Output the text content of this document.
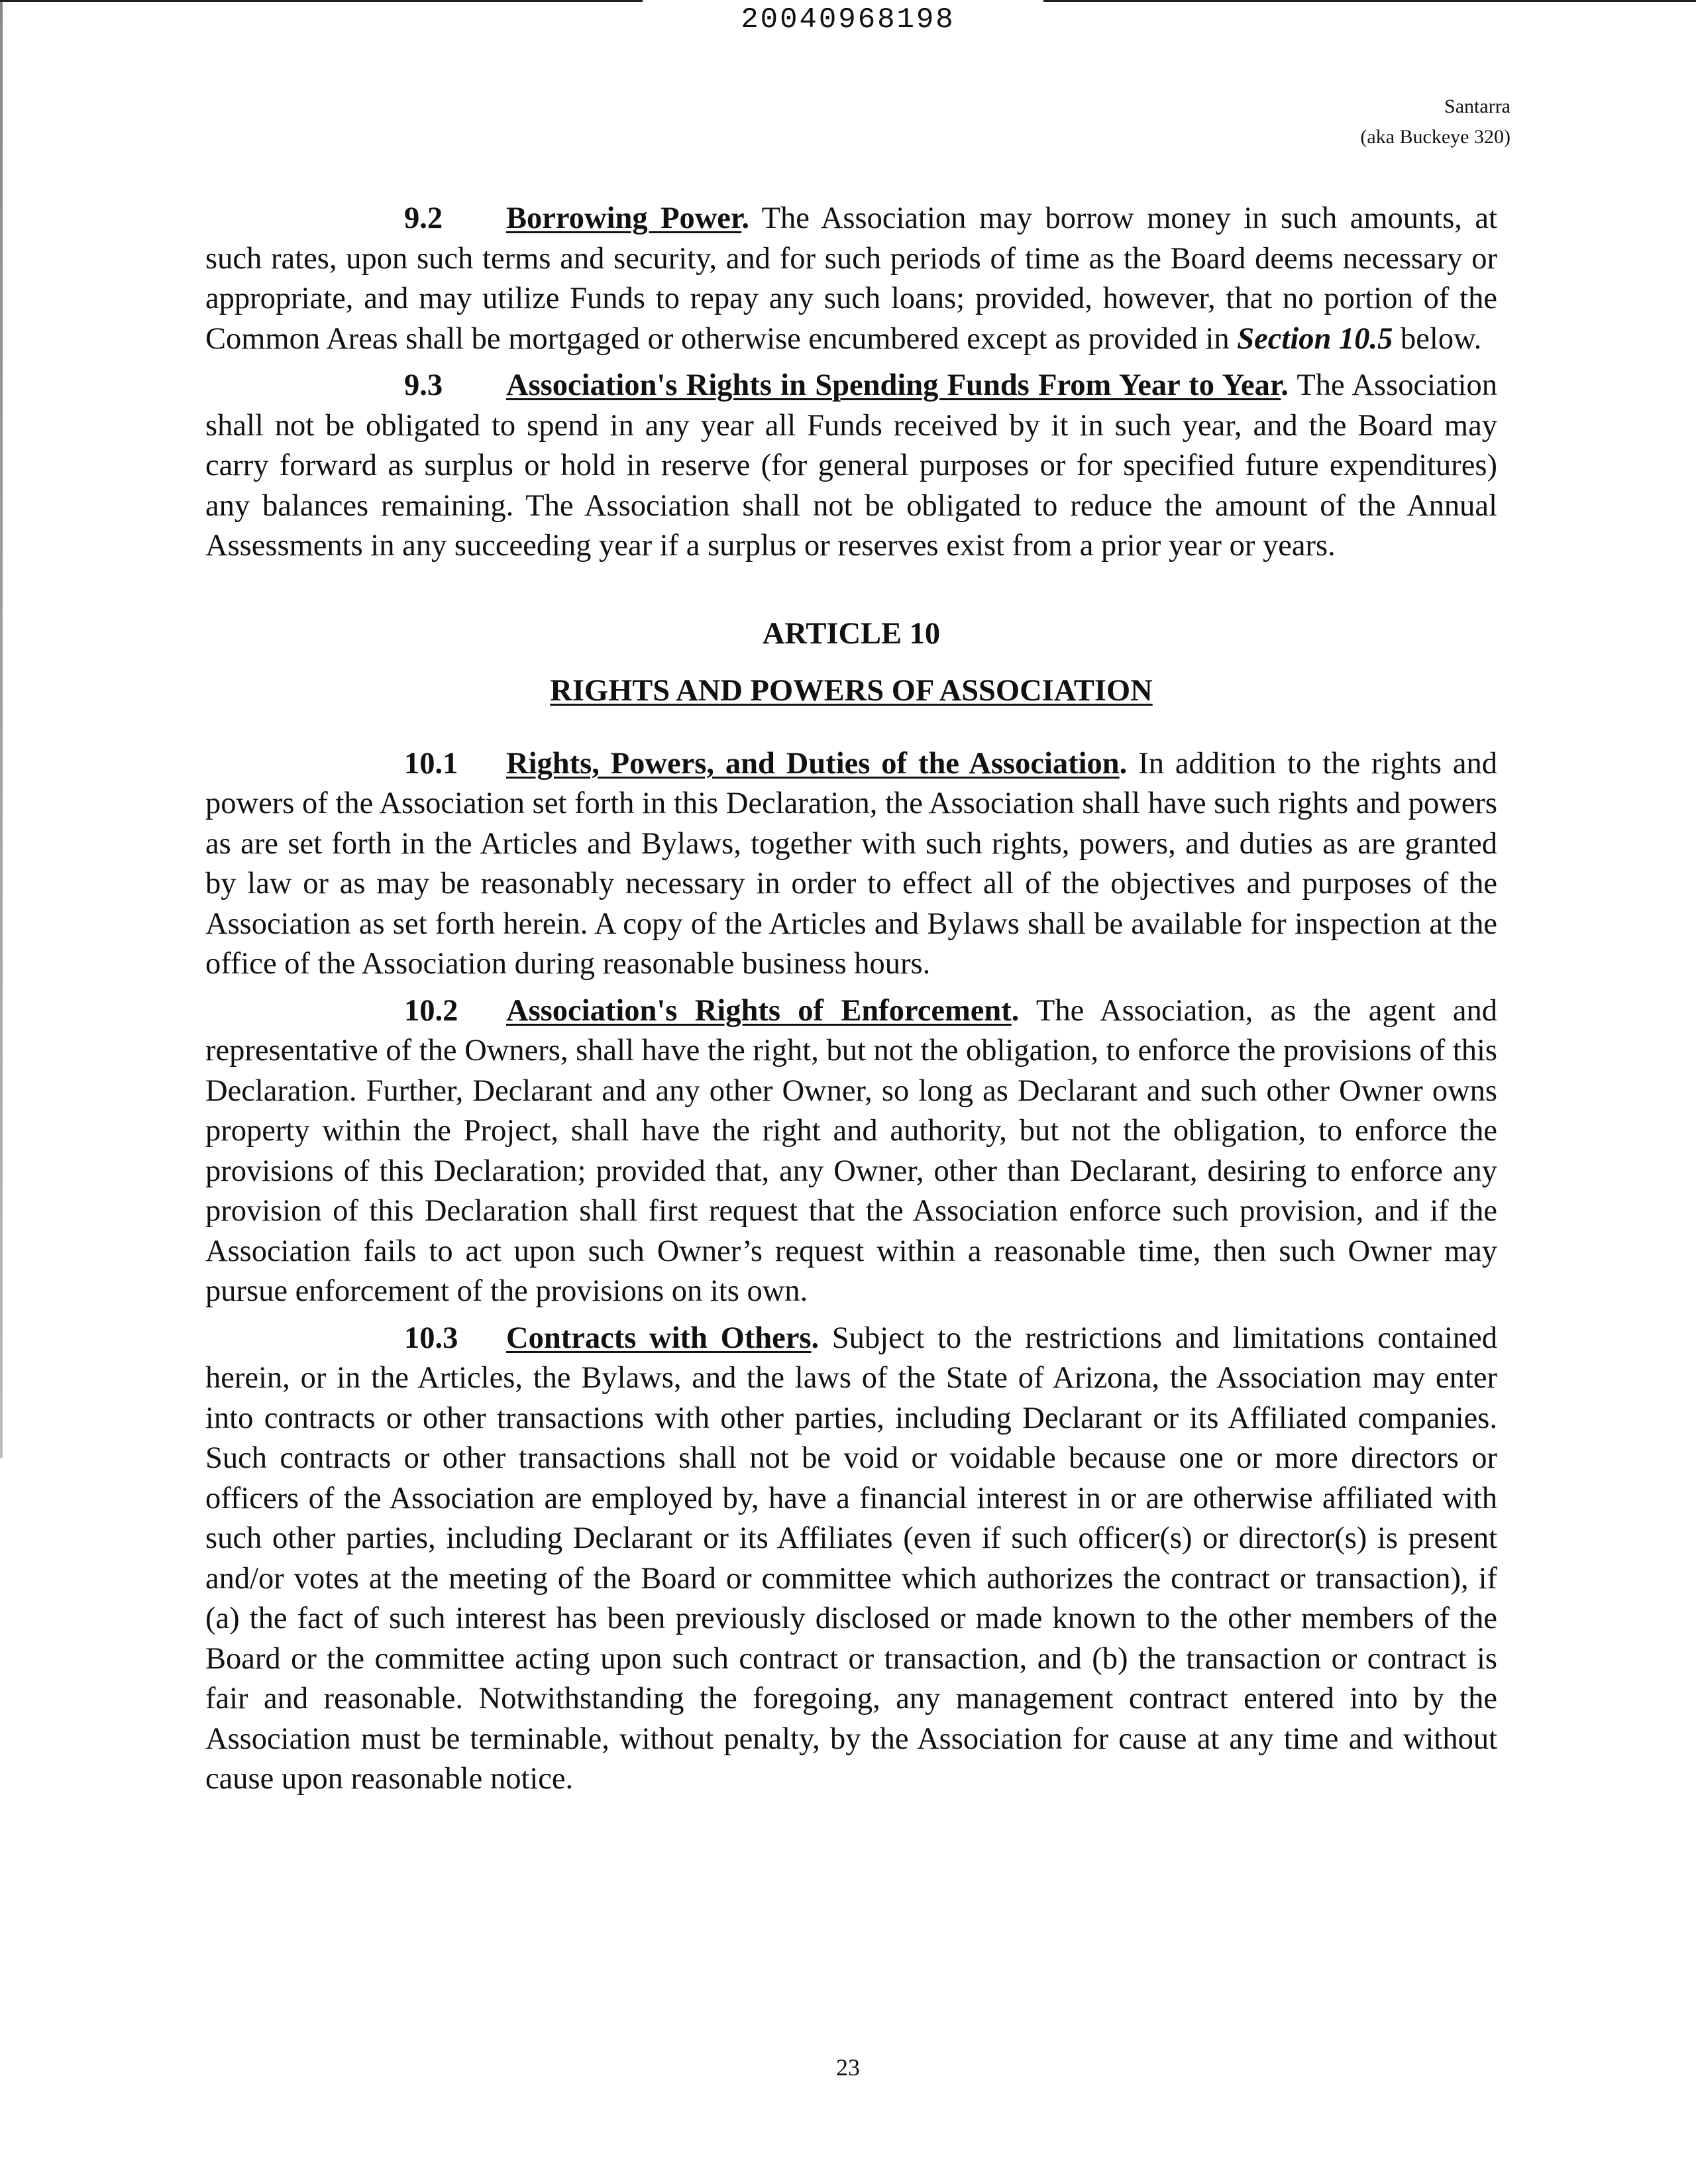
20040968198
Santarra
(aka Buckeye 320)

9.2 Borrowing Power. The Association may borrow money in such amounts, at such rates, upon such terms and security, and for such periods of time as the Board deems necessary or appropriate, and may utilize Funds to repay any such loans; provided, however, that no portion of the Common Areas shall be mortgaged or otherwise encumbered except as provided in Section 10.5 below.

9.3 Association's Rights in Spending Funds From Year to Year. The Association shall not be obligated to spend in any year all Funds received by it in such year, and the Board may carry forward as surplus or hold in reserve (for general purposes or for specified future expenditures) any balances remaining. The Association shall not be obligated to reduce the amount of the Annual Assessments in any succeeding year if a surplus or reserves exist from a prior year or years.

ARTICLE 10
RIGHTS AND POWERS OF ASSOCIATION

10.1 Rights, Powers, and Duties of the Association. In addition to the rights and powers of the Association set forth in this Declaration, the Association shall have such rights and powers as are set forth in the Articles and Bylaws, together with such rights, powers, and duties as are granted by law or as may be reasonably necessary in order to effect all of the objectives and purposes of the Association as set forth herein. A copy of the Articles and Bylaws shall be available for inspection at the office of the Association during reasonable business hours.

10.2 Association's Rights of Enforcement. The Association, as the agent and representative of the Owners, shall have the right, but not the obligation, to enforce the provisions of this Declaration. Further, Declarant and any other Owner, so long as Declarant and such other Owner owns property within the Project, shall have the right and authority, but not the obligation, to enforce the provisions of this Declaration; provided that, any Owner, other than Declarant, desiring to enforce any provision of this Declaration shall first request that the Association enforce such provision, and if the Association fails to act upon such Owner’s request within a reasonable time, then such Owner may pursue enforcement of the provisions on its own.

10.3 Contracts with Others. Subject to the restrictions and limitations contained herein, or in the Articles, the Bylaws, and the laws of the State of Arizona, the Association may enter into contracts or other transactions with other parties, including Declarant or its Affiliated companies. Such contracts or other transactions shall not be void or voidable because one or more directors or officers of the Association are employed by, have a financial interest in or are otherwise affiliated with such other parties, including Declarant or its Affiliates (even if such officer(s) or director(s) is present and/or votes at the meeting of the Board or committee which authorizes the contract or transaction), if (a) the fact of such interest has been previously disclosed or made known to the other members of the Board or the committee acting upon such contract or transaction, and (b) the transaction or contract is fair and reasonable. Notwithstanding the foregoing, any management contract entered into by the Association must be terminable, without penalty, by the Association for cause at any time and without cause upon reasonable notice.

23
